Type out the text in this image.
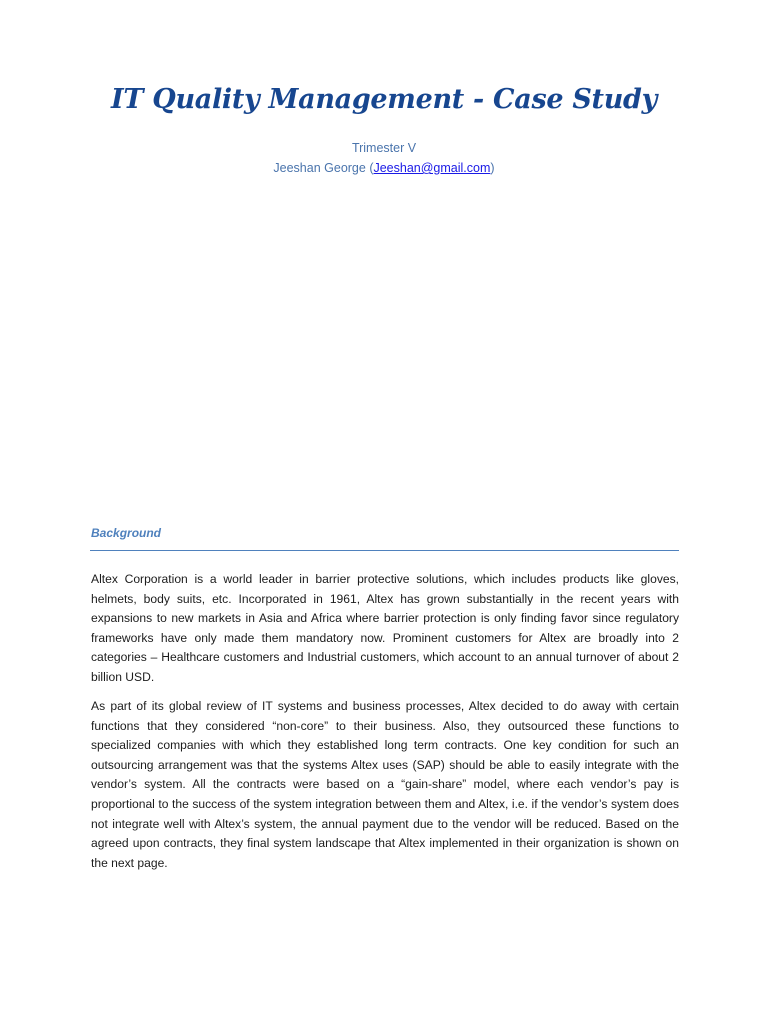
IT Quality Management - Case Study
Trimester V
Jeeshan George (Jeeshan@gmail.com)
Background

Altex Corporation is a world leader in barrier protective solutions, which includes products like gloves, helmets, body suits, etc. Incorporated in 1961, Altex has grown substantially in the recent years with expansions to new markets in Asia and Africa where barrier protection is only finding favor since regulatory frameworks have only made them mandatory now. Prominent customers for Altex are broadly into 2 categories – Healthcare customers and Industrial customers, which account to an annual turnover of about 2 billion USD.

As part of its global review of IT systems and business processes, Altex decided to do away with certain functions that they considered “non-core” to their business. Also, they outsourced these functions to specialized companies with which they established long term contracts. One key condition for such an outsourcing arrangement was that the systems Altex uses (SAP) should be able to easily integrate with the vendor’s system. All the contracts were based on a “gain-share” model, where each vendor’s pay is proportional to the success of the system integration between them and Altex, i.e. if the vendor’s system does not integrate well with Altex’s system, the annual payment due to the vendor will be reduced. Based on the agreed upon contracts, they final system landscape that Altex implemented in their organization is shown on the next page.
